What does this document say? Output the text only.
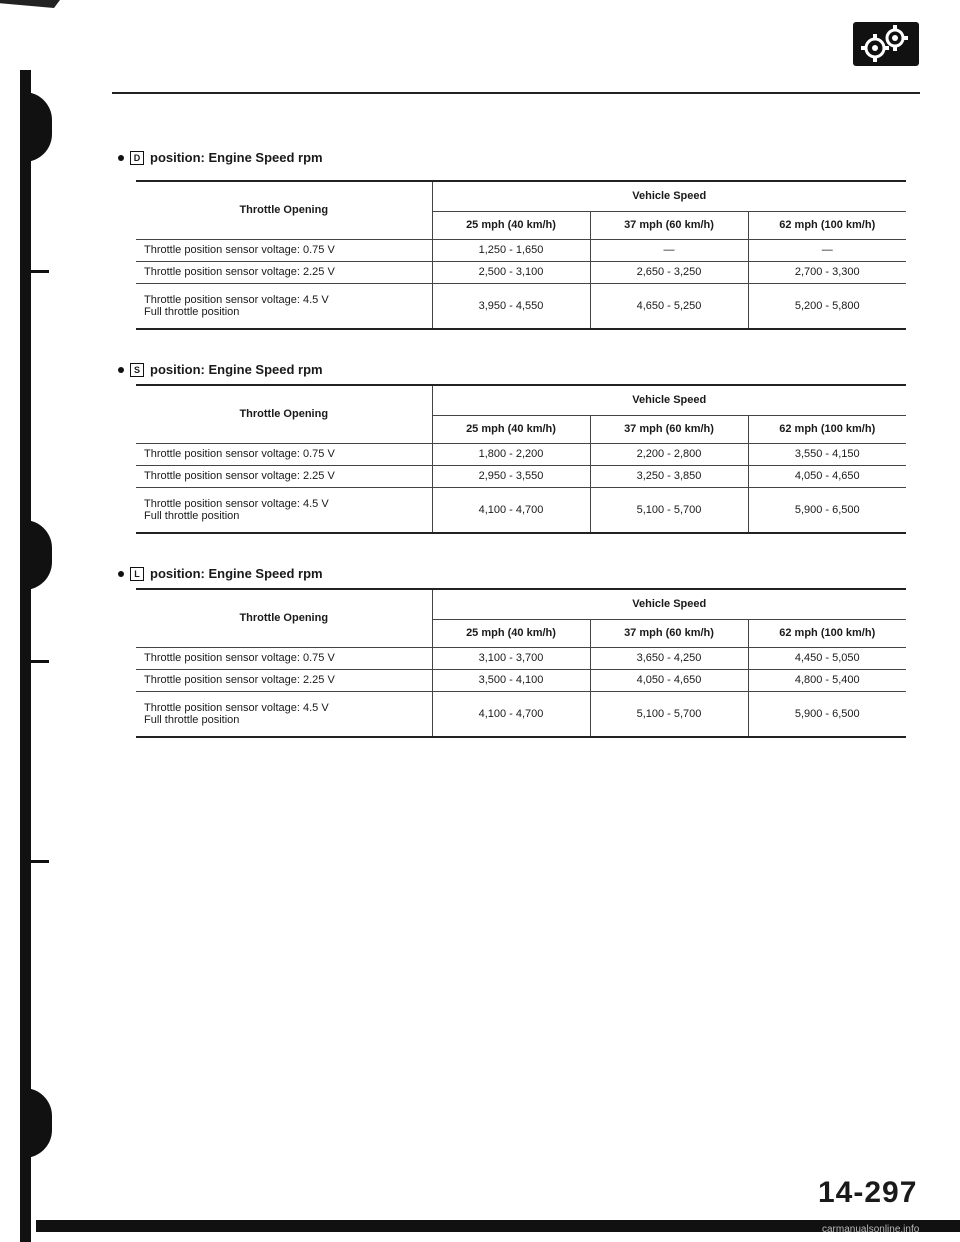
D position: Engine Speed rpm
Throttle Opening	Vehicle Speed		
	25 mph (40 km/h)	37 mph (60 km/h)	62 mph (100 km/h)
Throttle position sensor voltage: 0.75 V	1,250 - 1,650	—	—
Throttle position sensor voltage: 2.25 V	2,500 - 3,100	2,650 - 3,250	2,700 - 3,300

Throttle position sensor voltage: 4.5 V
Full throttle position	3,950 - 4,550	4,650 - 5,250	5,200 - 5,800
S position: Engine Speed rpm
Throttle Opening	Vehicle Speed		
	25 mph (40 km/h)	37 mph (60 km/h)	62 mph (100 km/h)
Throttle position sensor voltage: 0.75 V	1,800 - 2,200	2,200 - 2,800	3,550 - 4,150
Throttle position sensor voltage: 2.25 V	2,950 - 3,550	3,250 - 3,850	4,050 - 4,650

Throttle position sensor voltage: 4.5 V
Full throttle position	4,100 - 4,700	5,100 - 5,700	5,900 - 6,500
L position: Engine Speed rpm
Throttle Opening	Vehicle Speed		
	25 mph (40 km/h)	37 mph (60 km/h)	62 mph (100 km/h)
Throttle position sensor voltage: 0.75 V	3,100 - 3,700	3,650 - 4,250	4,450 - 5,050
Throttle position sensor voltage: 2.25 V	3,500 - 4,100	4,050 - 4,650	4,800 - 5,400

Throttle position sensor voltage: 4.5 V
Full throttle position	4,100 - 4,700	5,100 - 5,700	5,900 - 6,500
14-297
carmanualsonline.info
